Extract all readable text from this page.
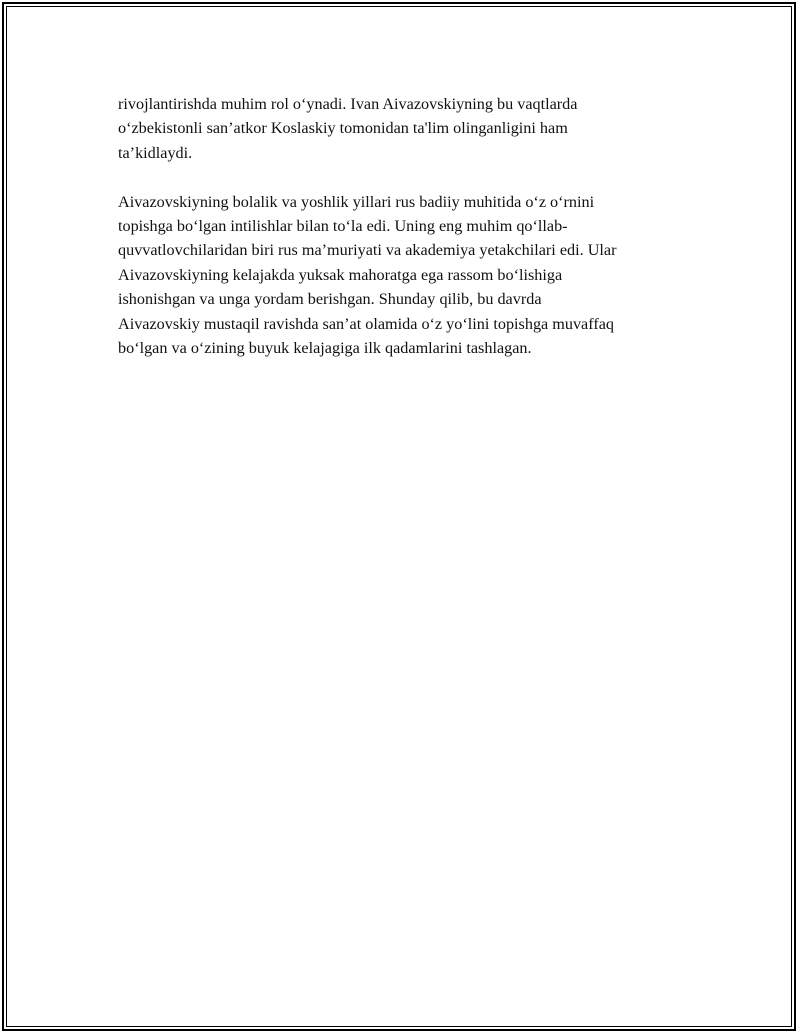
rivojlantirishda muhim rol o‘ynadi. Ivan Aivazovskiyning bu vaqtlarda
o‘zbekistonli san’atkor Koslaskiy tomonidan ta'lim olinganligini ham
ta’kidlaydi.

Aivazovskiyning bolalik va yoshlik yillari rus badiiy muhitida o‘z o‘rnini
topishga bo‘lgan intilishlar bilan to‘la edi. Uning eng muhim qo‘llab-
quvvatlovchilaridan biri rus ma’muriyati va akademiya yetakchilari edi. Ular
Aivazovskiyning kelajakda yuksak mahoratga ega rassom bo‘lishiga
ishonishgan va unga yordam berishgan. Shunday qilib, bu davrda
Aivazovskiy mustaqil ravishda san’at olamida o‘z yo‘lini topishga muvaffaq
bo‘lgan va o‘zining buyuk kelajagiga ilk qadamlarini tashlagan.
